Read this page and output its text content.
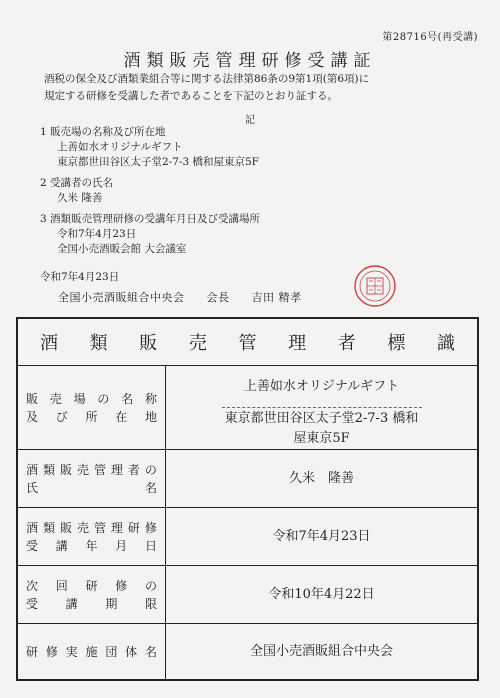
第28716号(再受講)
酒類販売管理研修受講証
酒税の保全及び酒類業組合等に関する法律第86条の9第1項(第6項)に
規定する研修を受講した者であることを下記のとおり証する。
記
1 販売場の名称及び所在地
上善如水オリジナルギフト
東京都世田谷区太子堂2-7-3 橋和屋東京5F
2 受講者の氏名
久米 隆善
3 酒類販売管理研修の受講年月日及び受講場所
令和7年4月23日
全国小売酒販会館 大会議室
令和7年4月23日
全国小売酒販組合中央会 会長 吉田 精孝
酒 類 販 売 管 理 者 標 識
販 売 場 の 名 称
及 び 所 在 地
上善如水オリジナルギフト
東京都世田谷区太子堂2-7-3 橋和屋東京5F
酒 類 販 売 管 理 者 の
氏	名
久米　隆善
酒 類 販 売 管 理 研 修
受 講 年 月 日
令和7年4月23日
次 回 研 修 の
受 講 期 限
令和10年4月22日
研 修 実 施 団 体 名	全国小売酒販組合中央会
